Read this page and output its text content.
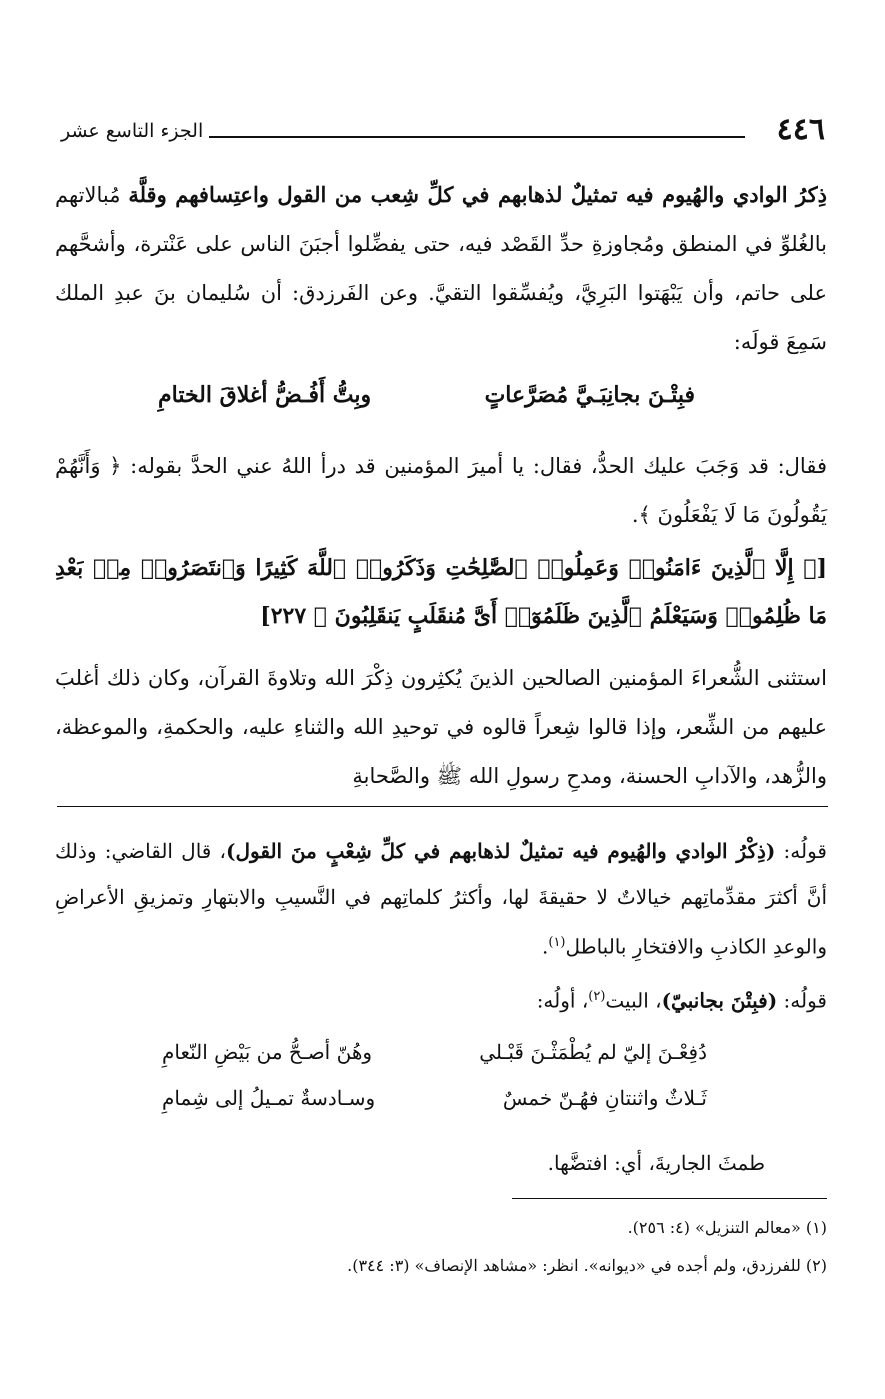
٤٤٦
الجزء التاسع عشر
ذِكرُ الوادي والهُيوم فيه تمثيلٌ لذهابهم في كلِّ شِعب من القول واعتِسافهم وقلَّة مُبالاتهم بالغُلوِّ في المنطق ومُجاوزةِ حدِّ القَصْد فيه، حتى يفضِّلوا أجبَنَ الناس على عَنْترة، وأشحَّهم على حاتم، وأن يَبْهَتوا البَرِيَّ، ويُفسِّقوا التقيَّ. وعن الفَرزدق: أن سُليمان بنَ عبدِ الملك سَمِعَ قولَه:
فبِتْـنَ بجانِبَـيَّ مُصَرَّعاتٍ
وبِتُّ أَفُـضُّ أغلاقَ الختامِ
فقال: قد وَجَبَ عليك الحدُّ، فقال: يا أميرَ المؤمنين قد درأ اللهُ عني الحدَّ بقوله: ﴿ وَأَنَّهُمْ يَقُولُونَ مَا لَا يَفْعَلُونَ ﴾.
[﴿ إِلَّا ٱلَّذِينَ ءَامَنُوا۟ وَعَمِلُوا۟ ٱلصَّٰلِحَٰتِ وَذَكَرُوا۟ ٱللَّهَ كَثِيرًا وَٱنتَصَرُوا۟ مِنۢ بَعْدِ مَا ظُلِمُوا۟ وَسَيَعْلَمُ ٱلَّذِينَ ظَلَمُوٓا۟ أَىَّ مُنقَلَبٍ يَنقَلِبُونَ ﴾ ٢٢٧]
استثنى الشُّعراءَ المؤمنين الصالحين الذينَ يُكثِرون ذِكْرَ الله وتلاوةَ القرآن، وكان ذلك أغلبَ عليهم من الشِّعر، وإذا قالوا شِعراً قالوه في توحيدِ الله والثناءِ عليه، والحكمةِ، والموعظة، والزُّهد، والآدابِ الحسنة، ومدحِ رسولِ الله ﷺ والصَّحابةِ
قولُه: (ذِكْرُ الوادي والهُيوم فيه تمثيلٌ لذهابهم في كلِّ شِعْبٍ منَ القول)، قال القاضي: وذلك أنَّ أكثرَ مقدِّماتِهم خيالاتٌ لا حقيقةَ لها، وأكثرُ كلماتِهم في النَّسيبِ والابتهارِ وتمزيقِ الأعراضِ والوعدِ الكاذبِ والافتخارِ بالباطل$^{(١)}$.
قولُه: (فبِتْنَ بجانبيّ)، البيت$^{(٢)}$، أولُه:
دُفِعْـنَ إليّ لم يُطْمَثْـنَ قَبْـلي
وهُنّ أصـحُّ من بَيْضِ النّعامِ
ثَـلاثٌ واثنتانِ فهُـنّ خمسٌ
وسـادسةٌ تمـيلُ إلى شِمامِ
طمثَ الجاريةَ، أي: افتضَّها.
(١) «معالم التنزيل» (٤: ٢٥٦).
(٢) للفرزدق، ولم أجده في «ديوانه». انظر: «مشاهد الإنصاف» (٣: ٣٤٤).
